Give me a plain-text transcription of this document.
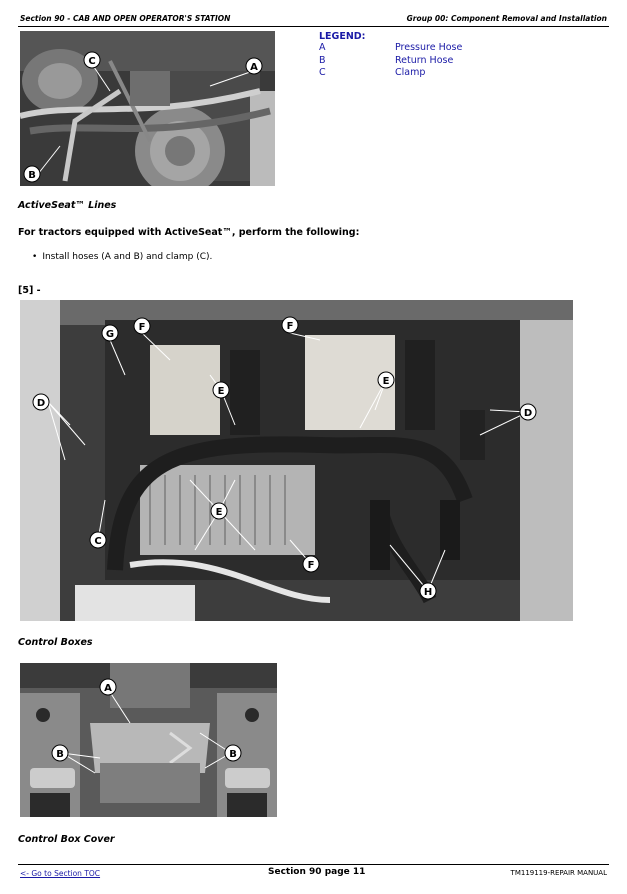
Section 90 - CAB AND OPEN OPERATOR'S STATION	Group 00: Component Removal and Installation
C
A
B
LEGEND:
A	Pressure Hose
B	Return Hose
C	Clamp
ActiveSeat™ Lines
For tractors equipped with ActiveSeat™, perform the following:
• Install hoses (A and B) and clamp (C).
[5] -
G
F	F
E
E
D
D
E
C
F
H
Control Boxes
A
B	B
Control Box Cover
<- Go to Section TOC	Section 90 page 11	TM119119-REPAIR MANUAL
